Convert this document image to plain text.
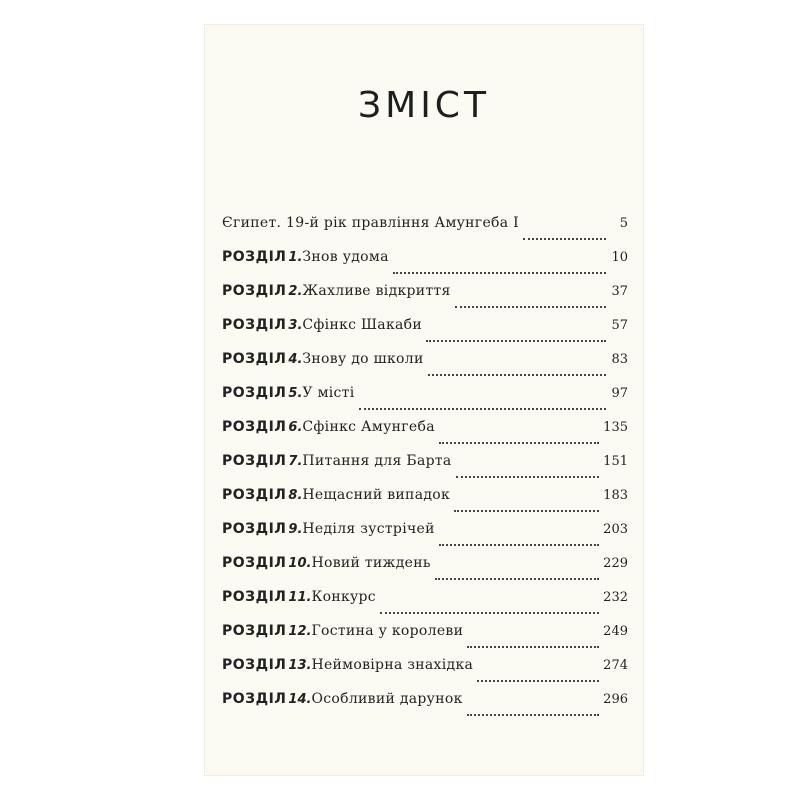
ЗМІСТ
Єгипет. 19-й рік правління Амунгеба І	5
РОЗДІЛ 1. Знов удома	10
РОЗДІЛ 2. Жахливе відкриття	37
РОЗДІЛ 3. Сфінкс Шакаби	57
РОЗДІЛ 4. Знову до школи	83
РОЗДІЛ 5. У місті	97
РОЗДІЛ 6. Сфінкс Амунгеба	135
РОЗДІЛ 7. Питання для Барта	151
РОЗДІЛ 8. Нещасний випадок	183
РОЗДІЛ 9. Неділя зустрічей	203
РОЗДІЛ 10. Новий тиждень	229
РОЗДІЛ 11. Конкурс	232
РОЗДІЛ 12. Гостина у королеви	249
РОЗДІЛ 13. Неймовірна знахідка	274
РОЗДІЛ 14. Особливий дарунок	296
